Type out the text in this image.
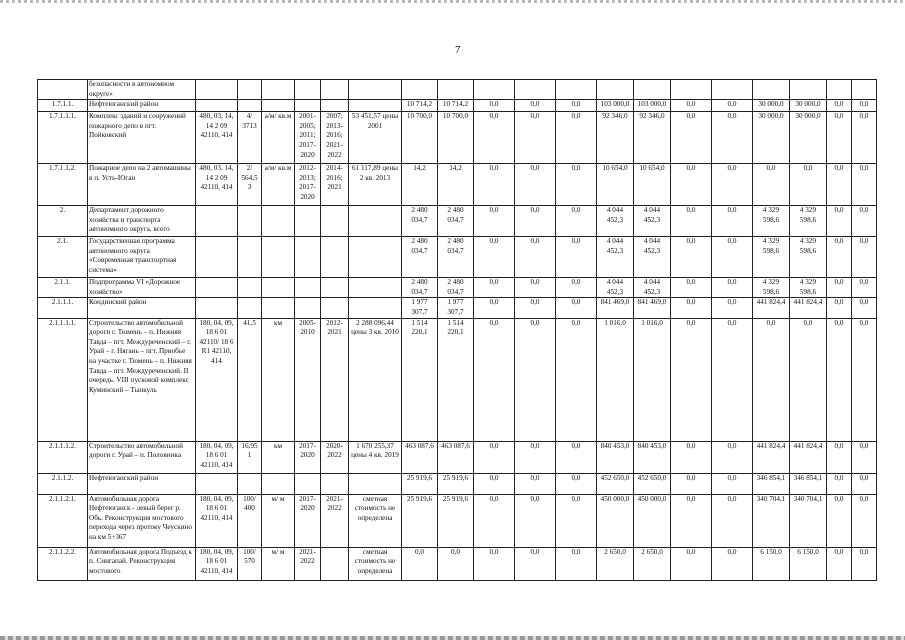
7
	безопасности в автономном округе»																			
1.7.1.1.	Нефтеюганский район							10 714,2	10 714,2	0,0	0,0	0,0	103 000,0	103 000,0	0,0	0,0	30 000,0	30 000,0	0,0	0,0
1.7.1.1.1.	Комплекс зданий и сооружений пожарного депо в пгт. Пойковский	480, 03, 14, 14 2 09 42110, 414	4/ 3713	а/м/ кв.м	2001-2005; 2011; 2017-2020	2007; 2013-2016; 2021-2022	53 451,57 цены 2001	10 700,0	10 700,0	0,0	0,0	0,0	92 346,0	92 346,0	0,0	0,0	30 000,0	30 000,0	0,0	0,0
1.7.1.1.2.	Пожарное депо на 2 автомашины в п. Усть-Юган	480, 03, 14, 14 2 09 42110, 414	2/ 564,53	а/м/ кв.м	2012-2013; 2017-2020	2014-2016; 2021	61 117,89 цены 2 кв. 2013	14,2	14,2	0,0	0,0	0,0	10 654,0	10 654,0	0,0	0,0	0,0	0,0	0,0	0,0
2.	Департамент дорожного хозяйства и транспорта автономного округа, всего							2 480 034,7	2 480 034,7	0,0	0,0	0,0	4 044 452,3	4 044 452,3	0,0	0,0	4 329 598,6	4 329 598,6	0,0	0,0
2.1.	Государственная программа автономного округа «Современная транспортная система»							2 480 034,7	2 480 034,7	0,0	0,0	0,0	4 044 452,3	4 044 452,3	0,0	0,0	4 329 598,6	4 329 598,6	0,0	0,0
2.1.1.	Подпрограмма VI «Дорожное хозяйство»							2 480 034,7	2 480 034,7	0,0	0,0	0,0	4 044 452,3	4 044 452,3	0,0	0,0	4 329 598,6	4 329 598,6	0,0	0,0
2.1.1.1.	Кондинский район							1 977 307,7	1 977 307,7	0,0	0,0	0,0	841 469,0	841 469,0	0,0	0,0	441 824,4	441 824,4	0,0	0,0
2.1.1.1.1.	Строительство автомобильной дороги г. Тюмень – п. Нижняя Тавда – пгт. Междуреченский – г. Урай – г. Нягань – пгт. Приобье на участке г. Тюмень – п. Нижняя Тавда – пгт. Междуреченский. II очередь. VIII пусковой комплекс Куминский – Тынкуль	180, 04, 09, 18 6 01 42110/ 18 6 R1 42110, 414	41,5	км	2005-2010	2012-2021	2 288 096,44 цены 3 кв. 2010	1 514 220,1	1 514 220,1	0,0	0,0	0,0	1 016,0	1 016,0	0,0	0,0	0,0	0,0	0,0	0,0
2.1.1.1.2.	Строительство автомобильной дороги г. Урай – п. Половинка	180, 04, 09, 18 6 01 42110, 414	16,951	км	2017-2020	2020-2022	1 670 255,37 цены 4 кв. 2019	463 087,6	463 087,6	0,0	0,0	0,0	840 453,0	840 453,0	0,0	0,0	441 824,4	441 824,4	0,0	0,0
2.1.1.2.	Нефтеюганский район							25 919,6	25 919,6	0,0	0,0	0,0	452 650,0	452 650,0	0,0	0,0	346 854,1	346 854,1	0,0	0,0
2.1.1.2.1.	Автомобильная дорога Нефтеюганск - левый берег р. Обь. Реконструкция мостового перехода через протоку Чеускино на км 5+367	180, 04, 09, 18 6 01 42110, 414	100/ 400	м/ м	2017-2020	2021-2022	сметная стоимость не определена	25 919,6	25 919,6	0,0	0,0	0,0	450 000,0	450 000,0	0,0	0,0	340 704,1	340 704,1	0,0	0,0
2.1.1.2.2.	Автомобильная дорога Подъезд к п. Сингапай. Реконструкция мостового	180, 04, 09, 18 6 01 42110, 414	100/ 570	м/ м	2021-2022		сметная стоимость не определена	0,0	0,0	0,0	0,0	0,0	2 650,0	2 650,0	0,0	0,0	6 150,0	6 150,0	0,0	0,0
